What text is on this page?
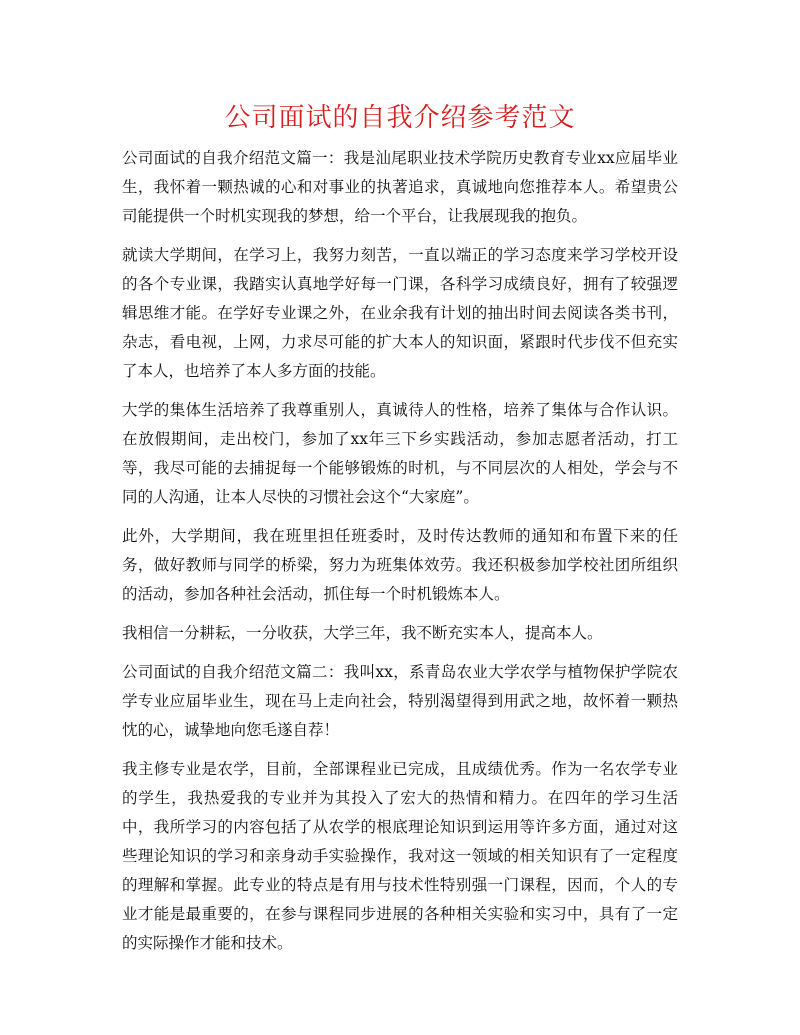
公司面试的自我介绍参考范文

公司面试的自我介绍范文篇一：我是汕尾职业技术学院历史教育专业xx应届毕业生，我怀着一颗热诚的心和对事业的执著追求，真诚地向您推荐本人。希望贵公司能提供一个时机实现我的梦想，给一个平台，让我展现我的抱负。

就读大学期间，在学习上，我努力刻苦，一直以端正的学习态度来学习学校开设的各个专业课，我踏实认真地学好每一门课，各科学习成绩良好，拥有了较强逻辑思维才能。在学好专业课之外，在业余我有计划的抽出时间去阅读各类书刊，杂志，看电视，上网，力求尽可能的扩大本人的知识面，紧跟时代步伐不但充实了本人，也培养了本人多方面的技能。

大学的集体生活培养了我尊重别人，真诚待人的性格，培养了集体与合作认识。在放假期间，走出校门，参加了xx年三下乡实践活动，参加志愿者活动，打工等，我尽可能的去捕捉每一个能够锻炼的时机，与不同层次的人相处，学会与不同的人沟通，让本人尽快的习惯社会这个“大家庭”。

此外，大学期间，我在班里担任班委时，及时传达教师的通知和布置下来的任务，做好教师与同学的桥梁，努力为班集体效劳。我还积极参加学校社团所组织的活动，参加各种社会活动，抓住每一个时机锻炼本人。

我相信一分耕耘，一分收获，大学三年，我不断充实本人，提高本人。

公司面试的自我介绍范文篇二：我叫xx，系青岛农业大学农学与植物保护学院农学专业应届毕业生，现在马上走向社会，特别渴望得到用武之地，故怀着一颗热忱的心，诚挚地向您毛遂自荐！

我主修专业是农学，目前，全部课程业已完成，且成绩优秀。作为一名农学专业的学生，我热爱我的专业并为其投入了宏大的热情和精力。在四年的学习生活中，我所学习的内容包括了从农学的根底理论知识到运用等许多方面，通过对这些理论知识的学习和亲身动手实验操作，我对这一领域的相关知识有了一定程度的理解和掌握。此专业的特点是有用与技术性特别强一门课程，因而，个人的专业才能是最重要的，在参与课程同步进展的各种相关实验和实习中，具有了一定的实际操作才能和技术。
